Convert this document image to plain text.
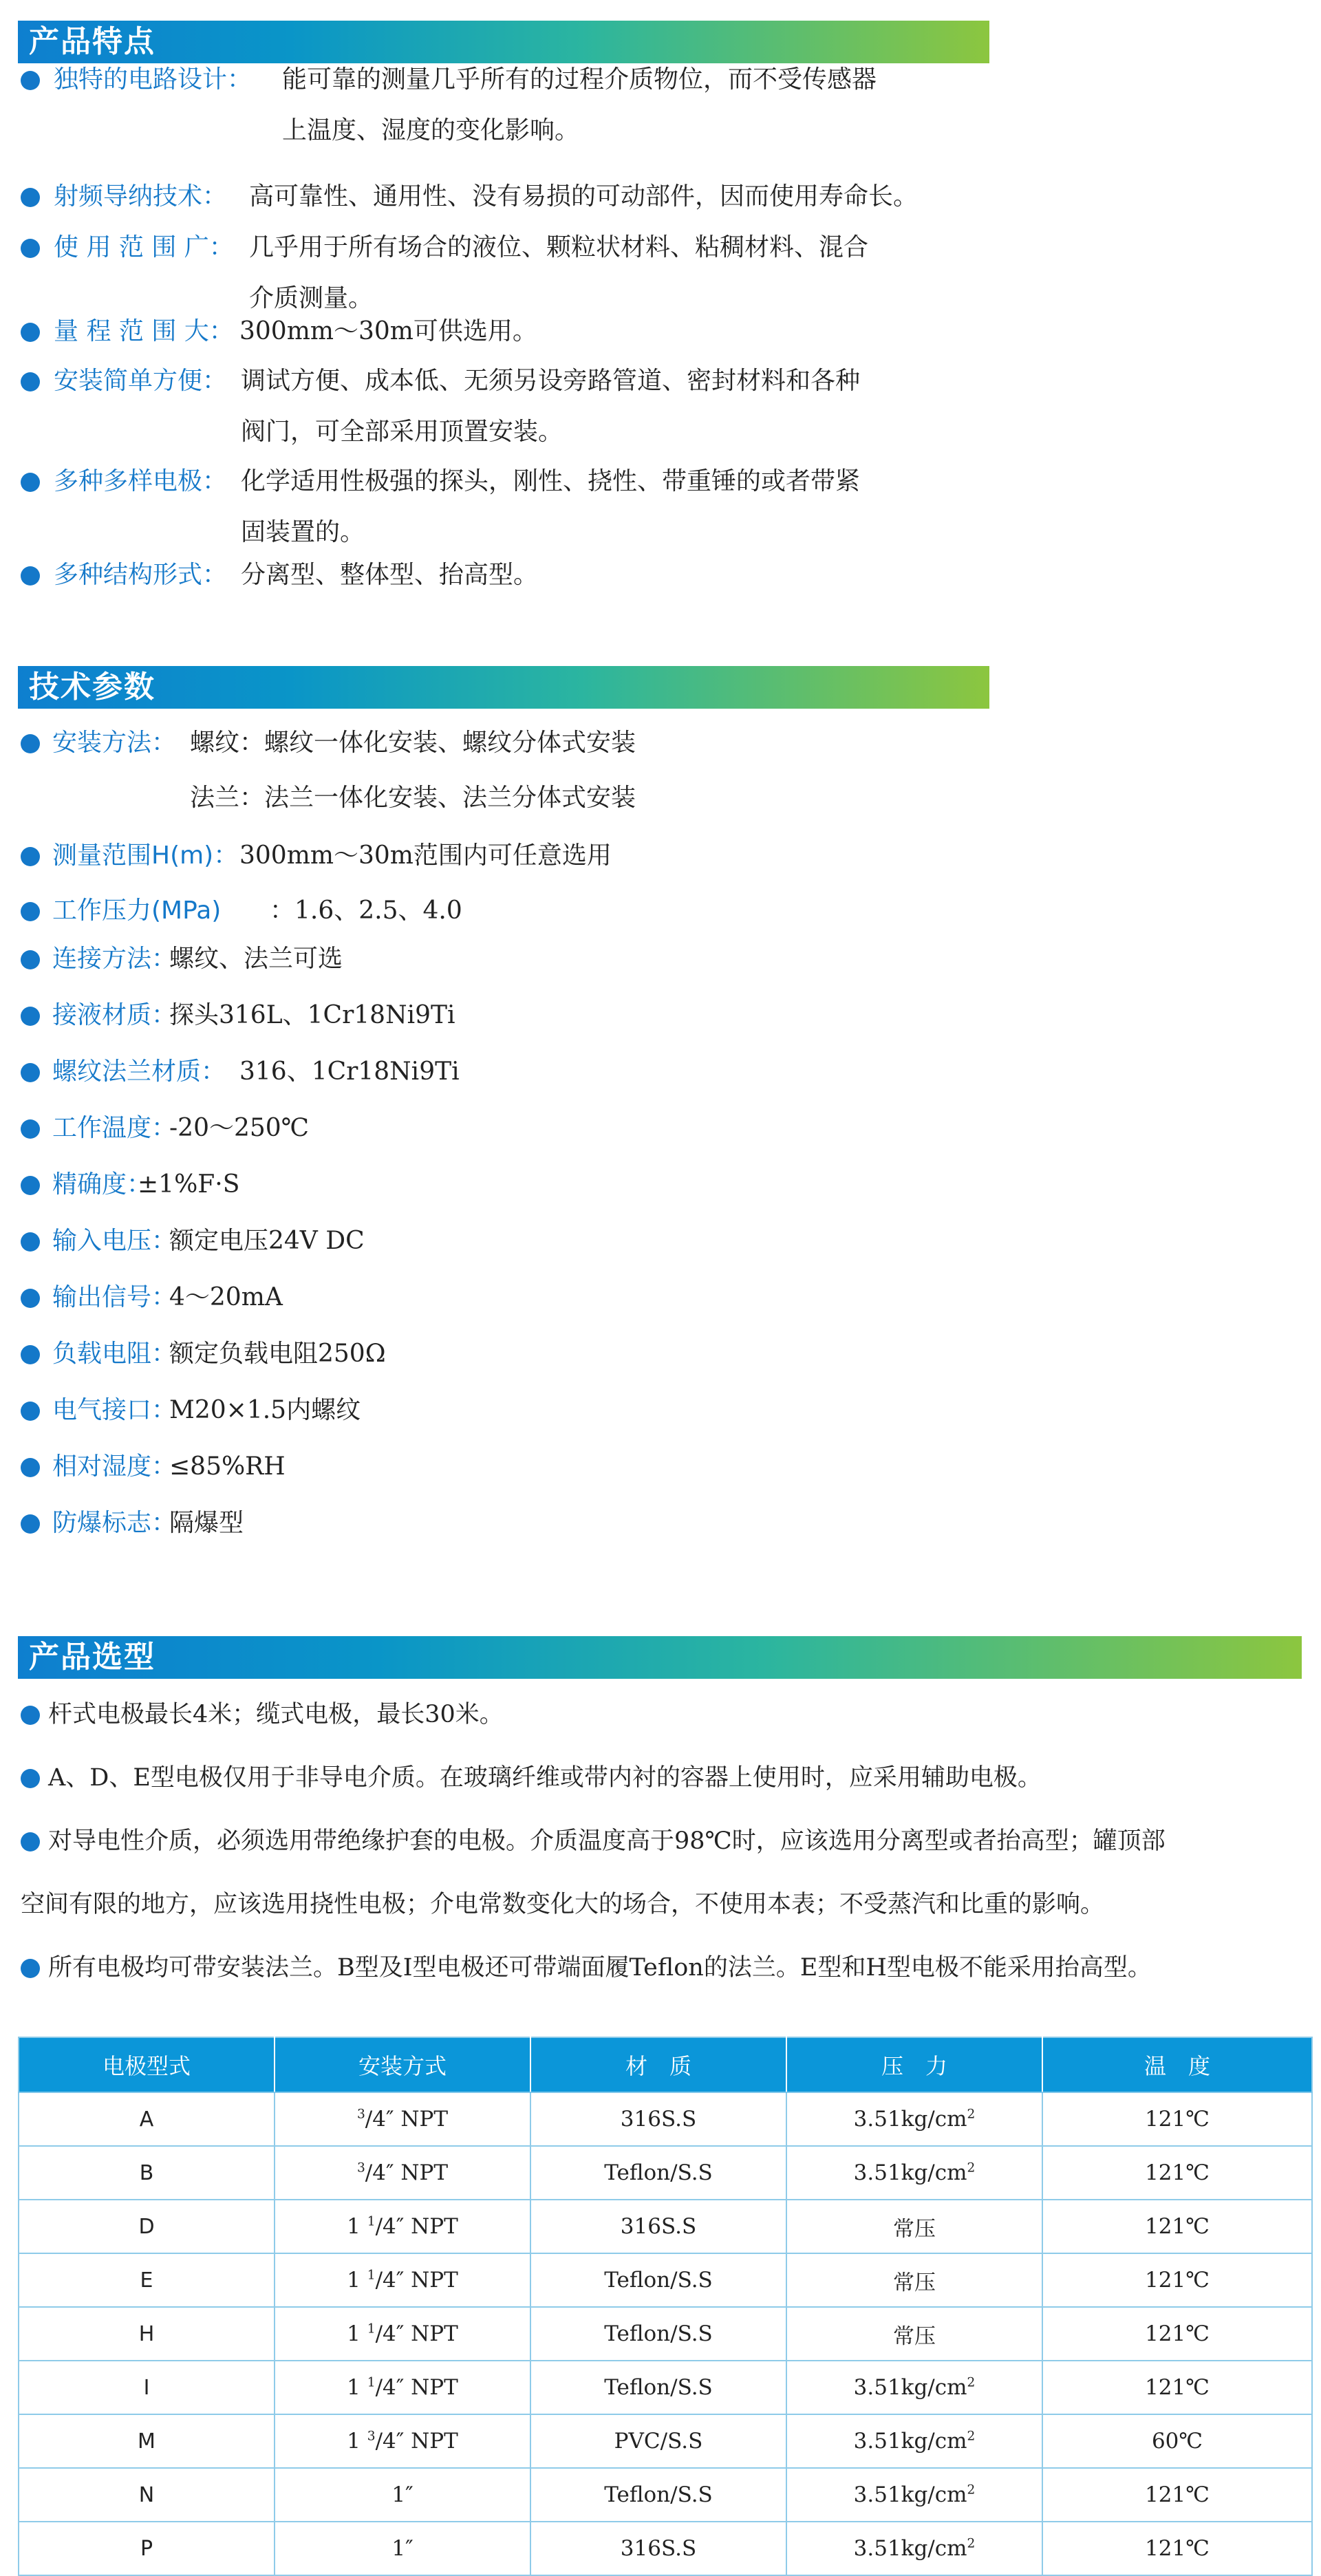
产品特点
独特的电路设计： 能可靠的测量几乎所有的过程介质物位，而不受传感器
上温度、湿度的变化影响。
射频导纳技术： 高可靠性、通用性、没有易损的可动部件，因而使用寿命长。
使 用 范 围 广： 几乎用于所有场合的液位、颗粒状材料、粘稠材料、混合
介质测量。
量 程 范 围 大： 300mm～30m可供选用。
安装简单方便： 调试方便、成本低、无须另设旁路管道、密封材料和各种
阀门，可全部采用顶置安装。
多种多样电极： 化学适用性极强的探头，刚性、挠性、带重锤的或者带紧
固装置的。
多种结构形式： 分离型、整体型、抬高型。
技术参数
安装方法： 螺纹：螺纹一体化安装、螺纹分体式安装
法兰：法兰一体化安装、法兰分体式安装
测量范围H(m)： 300mm～30m范围内可任意选用
工作压力(MPa) ：1.6、2.5、4.0
连接方法：
螺纹、法兰可选
接液材质：
探头316L、1Cr18Ni9Ti
螺纹法兰材质： 316、1Cr18Ni9Ti
工作温度：
-20～250℃
精确度：
±1%F·S
输入电压：
额定电压24V DC
输出信号：
4～20mA
负载电阻：
额定负载电阻250Ω
电气接口：
M20×1.5内螺纹
相对湿度：
≤85%RH
防爆标志：
隔爆型
产品选型
杆式电极最长4米；缆式电极，最长30米。
A、D、E型电极仅用于非导电介质。在玻璃纤维或带内衬的容器上使用时，应采用辅助电极。
对导电性介质，必须选用带绝缘护套的电极。介质温度高于98℃时，应该选用分离型或者抬高型；罐顶部
空间有限的地方，应该选用挠性电极；介电常数变化大的场合，不使用本表；不受蒸汽和比重的影响。
所有电极均可带安装法兰。B型及I型电极还可带端面履Teflon的法兰。E型和H型电极不能采用抬高型。
电极型式	安装方式	材　质	压　力	温　度
A	$^3$/4″ NPT	316S.S	$3.51kg/cm^2$	121℃
B	$^3$/4″ NPT	Teflon/S.S	$3.51kg/cm^2$	121℃
D	1 $^1$/4″ NPT	316S.S	常压	121℃
E	1 $^1$/4″ NPT	Teflon/S.S	常压	121℃
H	1 $^1$/4″ NPT	Teflon/S.S	常压	121℃
I	1 $^1$/4″ NPT	Teflon/S.S	$3.51kg/cm^2$	121℃
M	1 $^3$/4″ NPT	PVC/S.S	$3.51kg/cm^2$	60℃
N	1″	Teflon/S.S	$3.51kg/cm^2$	121℃
P	1″	316S.S	$3.51kg/cm^2$	121℃
